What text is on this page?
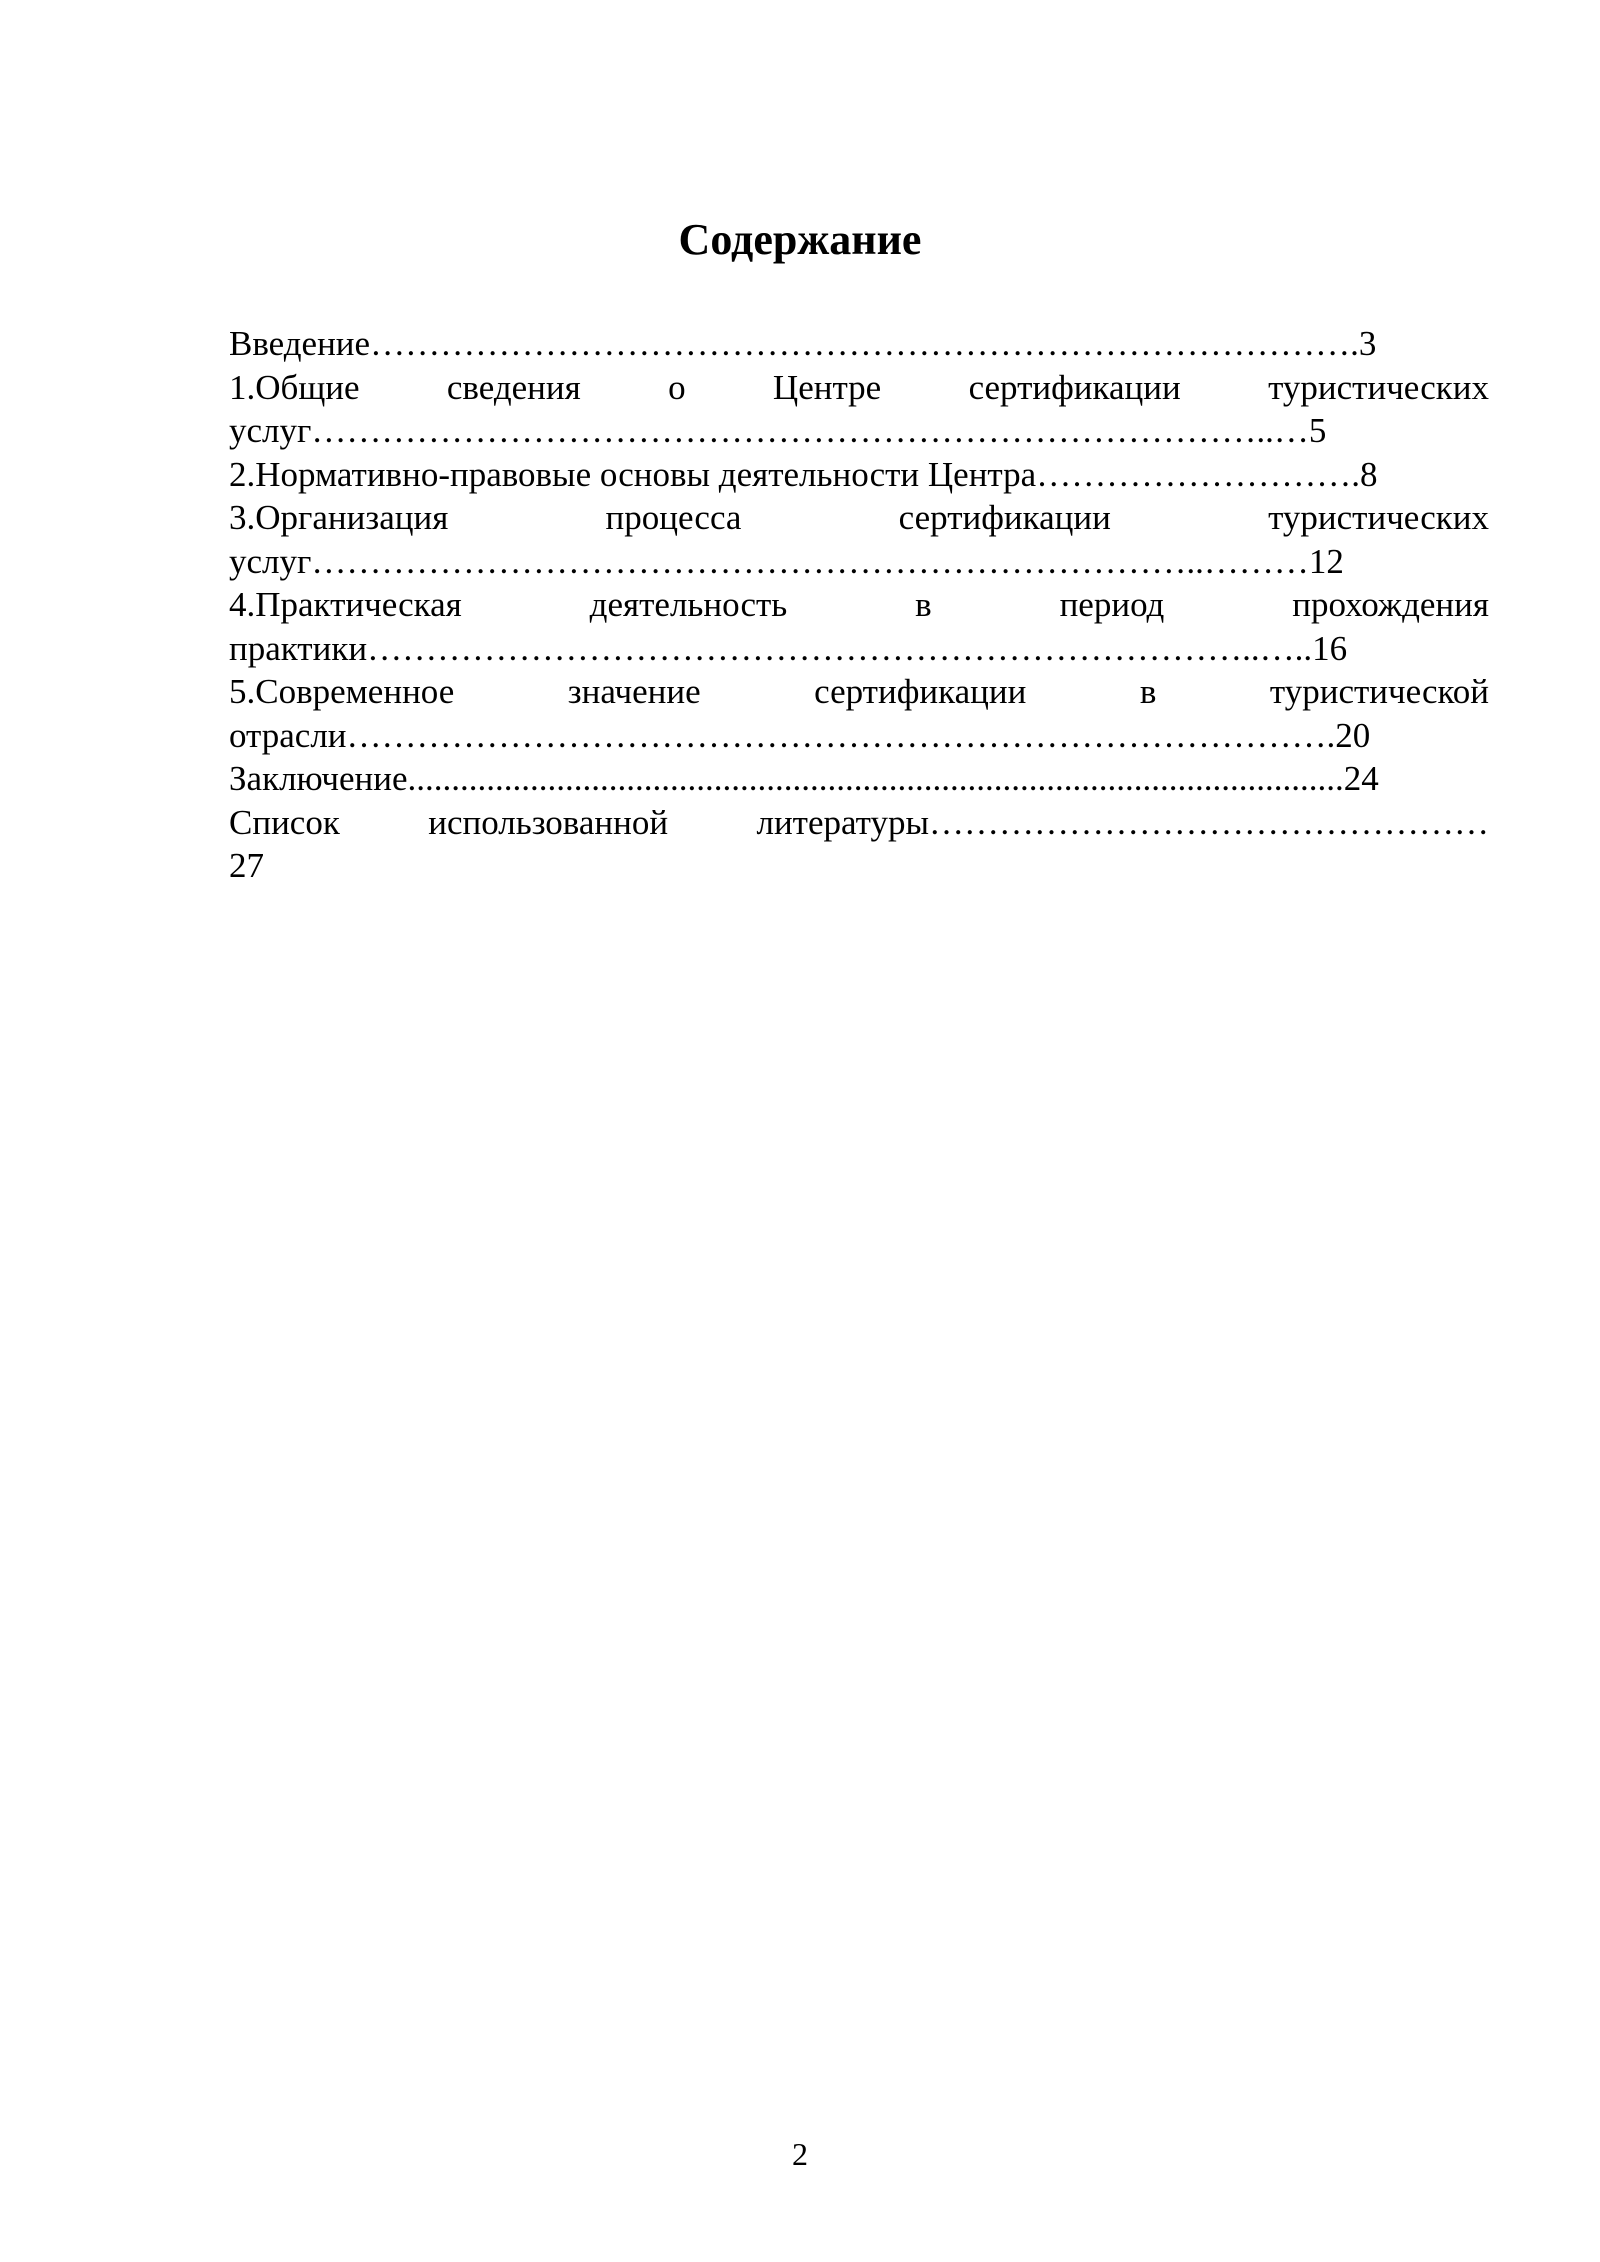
Содержание

Введение………………………………………………………………………….3

1.Общие сведения о Центре сертификации туристических

услуг………………………………………………………………………..…5

2.Нормативно-правовые основы деятельности Центра……………………….8

3.Организация процесса сертификации туристических

услуг…………………………………………………………………..………12

4.Практическая деятельность в период прохождения

практики…………………………………………………………………..…..16

5.Современное значение сертификации в туристической

отрасли………………………………………………………………………….20

Заключение...........................................................................................................24

Список использованной литературы…………………………………………

27

2
